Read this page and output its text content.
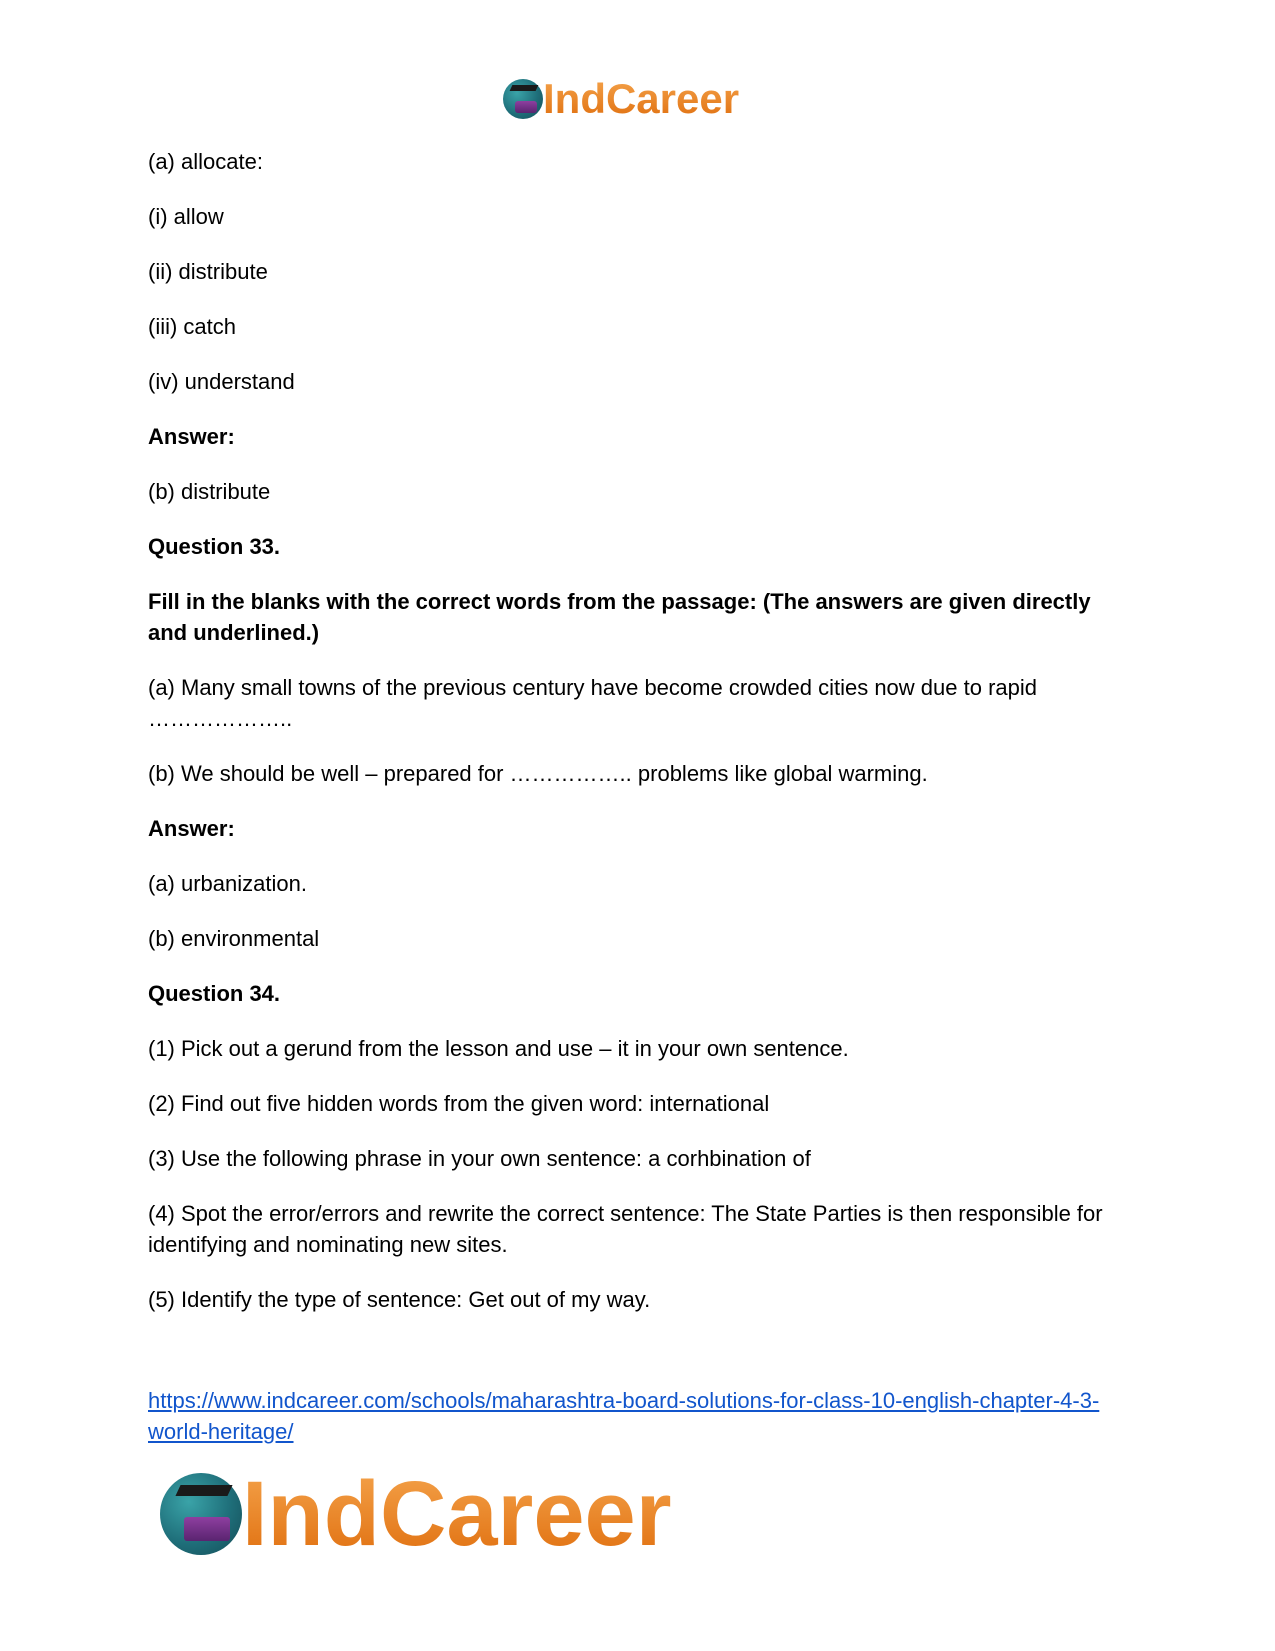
IndCareer

(a) allocate:

(i) allow

(ii) distribute

(iii) catch

(iv) understand

Answer:

(b) distribute

Question 33.

Fill in the blanks with the correct words from the passage: (The answers are given directly and underlined.)

(a) Many small towns of the previous century have become crowded cities now due to rapid ………………..

(b) We should be well – prepared for …………….. problems like global warming.

Answer:

(a) urbanization.

(b) environmental

Question 34.

(1) Pick out a gerund from the lesson and use – it in your own sentence.

(2) Find out five hidden words from the given word: international

(3) Use the following phrase in your own sentence: a corhbination of

(4) Spot the error/errors and rewrite the correct sentence: The State Parties is then responsible for identifying and nominating new sites.

(5) Identify the type of sentence: Get out of my way.

https://www.indcareer.com/schools/maharashtra-board-solutions-for-class-10-english-chapter-4-3-world-heritage/
IndCareer
